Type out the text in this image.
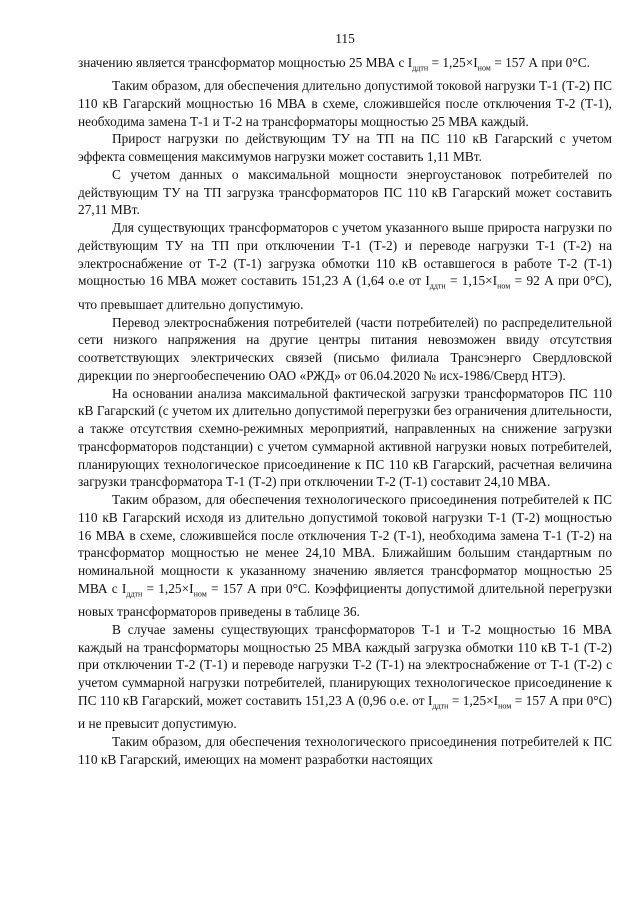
115

значению является трансформатор мощностью 25 МВА с $I_{ддтн} = 1,25\times I_{ном} = 157$ А при 0°С.

Таким образом, для обеспечения длительно допустимой токовой нагрузки Т-1 (Т-2) ПС 110 кВ Гагарский мощностью 16 МВА в схеме, сложившейся после отключения Т-2 (Т-1), необходима замена Т-1 и Т-2 на трансформаторы мощностью 25 МВА каждый.

Прирост нагрузки по действующим ТУ на ТП на ПС 110 кВ Гагарский с учетом эффекта совмещения максимумов нагрузки может составить 1,11 МВт.

С учетом данных о максимальной мощности энергоустановок потребителей по действующим ТУ на ТП загрузка трансформаторов ПС 110 кВ Гагарский может составить 27,11 МВт.

Для существующих трансформаторов с учетом указанного выше прироста нагрузки по действующим ТУ на ТП при отключении Т-1 (Т-2) и переводе нагрузки Т-1 (Т-2) на электроснабжение от Т-2 (Т-1) загрузка обмотки 110 кВ оставшегося в работе Т-2 (Т-1) мощностью 16 МВА может составить 151,23 А (1,64 о.е от $I_{ддтн} = 1,15\times I_{ном} = 92$ А при 0°С), что превышает длительно допустимую.

Перевод электроснабжения потребителей (части потребителей) по распределительной сети низкого напряжения на другие центры питания невозможен ввиду отсутствия соответствующих электрических связей (письмо филиала Трансэнерго Свердловской дирекции по энергообеспечению ОАО «РЖД» от 06.04.2020 № исх-1986/Сверд НТЭ).

На основании анализа максимальной фактической загрузки трансформаторов ПС 110 кВ Гагарский (с учетом их длительно допустимой перегрузки без ограничения длительности, а также отсутствия схемно-режимных мероприятий, направленных на снижение загрузки трансформаторов подстанции) с учетом суммарной активной нагрузки новых потребителей, планирующих технологическое присоединение к ПС 110 кВ Гагарский, расчетная величина загрузки трансформатора Т-1 (Т-2) при отключении Т-2 (Т-1) составит 24,10 МВА.

Таким образом, для обеспечения технологического присоединения потребителей к ПС 110 кВ Гагарский исходя из длительно допустимой токовой нагрузки Т-1 (Т-2) мощностью 16 МВА в схеме, сложившейся после отключения Т-2 (Т-1), необходима замена Т-1 (Т-2) на трансформатор мощностью не менее 24,10 МВА. Ближайшим большим стандартным по номинальной мощности к указанному значению является трансформатор мощностью 25 МВА с $I_{ддтн} = 1,25\times I_{ном} = 157$ А при 0°С. Коэффициенты допустимой длительной перегрузки новых трансформаторов приведены в таблице 36.

В случае замены существующих трансформаторов Т-1 и Т-2 мощностью 16 МВА каждый на трансформаторы мощностью 25 МВА каждый загрузка обмотки 110 кВ Т-1 (Т-2) при отключении Т-2 (Т-1) и переводе нагрузки Т-2 (Т-1) на электроснабжение от Т-1 (Т-2) с учетом суммарной нагрузки потребителей, планирующих технологическое присоединение к ПС 110 кВ Гагарский, может составить 151,23 А (0,96 о.е. от $I_{ддтн} = 1,25\times I_{ном} = 157$ А при 0°С) и не превысит допустимую.

Таким образом, для обеспечения технологического присоединения потребителей к ПС 110 кВ Гагарский, имеющих на момент разработки настоящих
